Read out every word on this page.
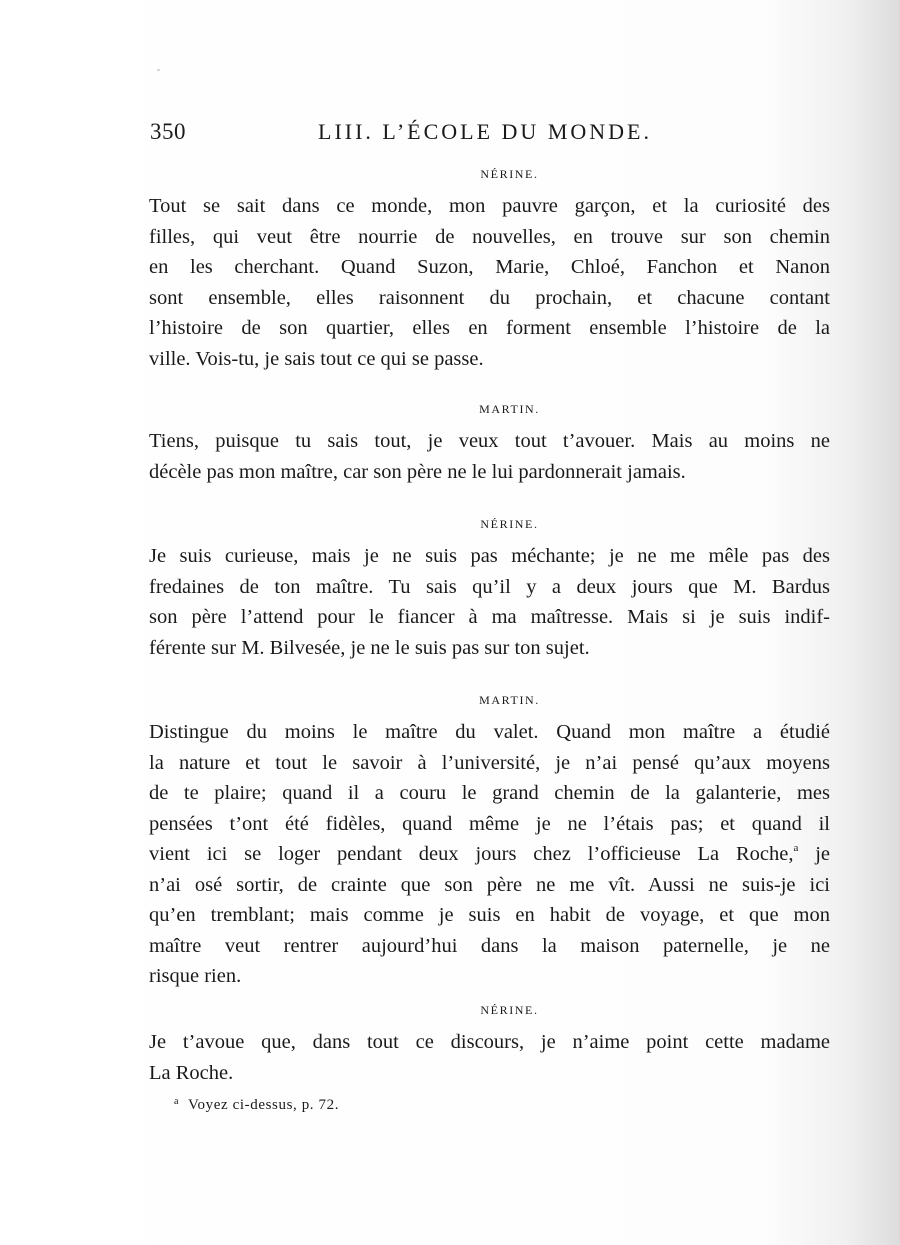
350	LIII. L’ÉCOLE DU MONDE.
NÉRINE.
Tout se sait dans ce monde, mon pauvre garçon, et la curiosité des
filles, qui veut être nourrie de nouvelles, en trouve sur son chemin
en les cherchant. Quand Suzon, Marie, Chloé, Fanchon et Nanon
sont ensemble, elles raisonnent du prochain, et chacune contant
l’histoire de son quartier, elles en forment ensemble l’histoire de la
ville. Vois-tu, je sais tout ce qui se passe.
MARTIN.
Tiens, puisque tu sais tout, je veux tout t’avouer. Mais au moins ne
décèle pas mon maître, car son père ne le lui pardonnerait jamais.
NÉRINE.
Je suis curieuse, mais je ne suis pas méchante; je ne me mêle pas des
fredaines de ton maître. Tu sais qu’il y a deux jours que M. Bardus
son père l’attend pour le fiancer à ma maîtresse. Mais si je suis indif-
férente sur M. Bilvesée, je ne le suis pas sur ton sujet.
MARTIN.
Distingue du moins le maître du valet. Quand mon maître a étudié
la nature et tout le savoir à l’université, je n’ai pensé qu’aux moyens
de te plaire; quand il a couru le grand chemin de la galanterie, mes
pensées t’ont été fidèles, quand même je ne l’étais pas; et quand il
vient ici se loger pendant deux jours chez l’officieuse La Roche,$^a$ je
n’ai osé sortir, de crainte que son père ne me vît. Aussi ne suis-je ici
qu’en tremblant; mais comme je suis en habit de voyage, et que mon
maître veut rentrer aujourd’hui dans la maison paternelle, je ne
risque rien.
NÉRINE.
Je t’avoue que, dans tout ce discours, je n’aime point cette madame
La Roche.
$^a$ Voyez ci-dessus, p. 72.
